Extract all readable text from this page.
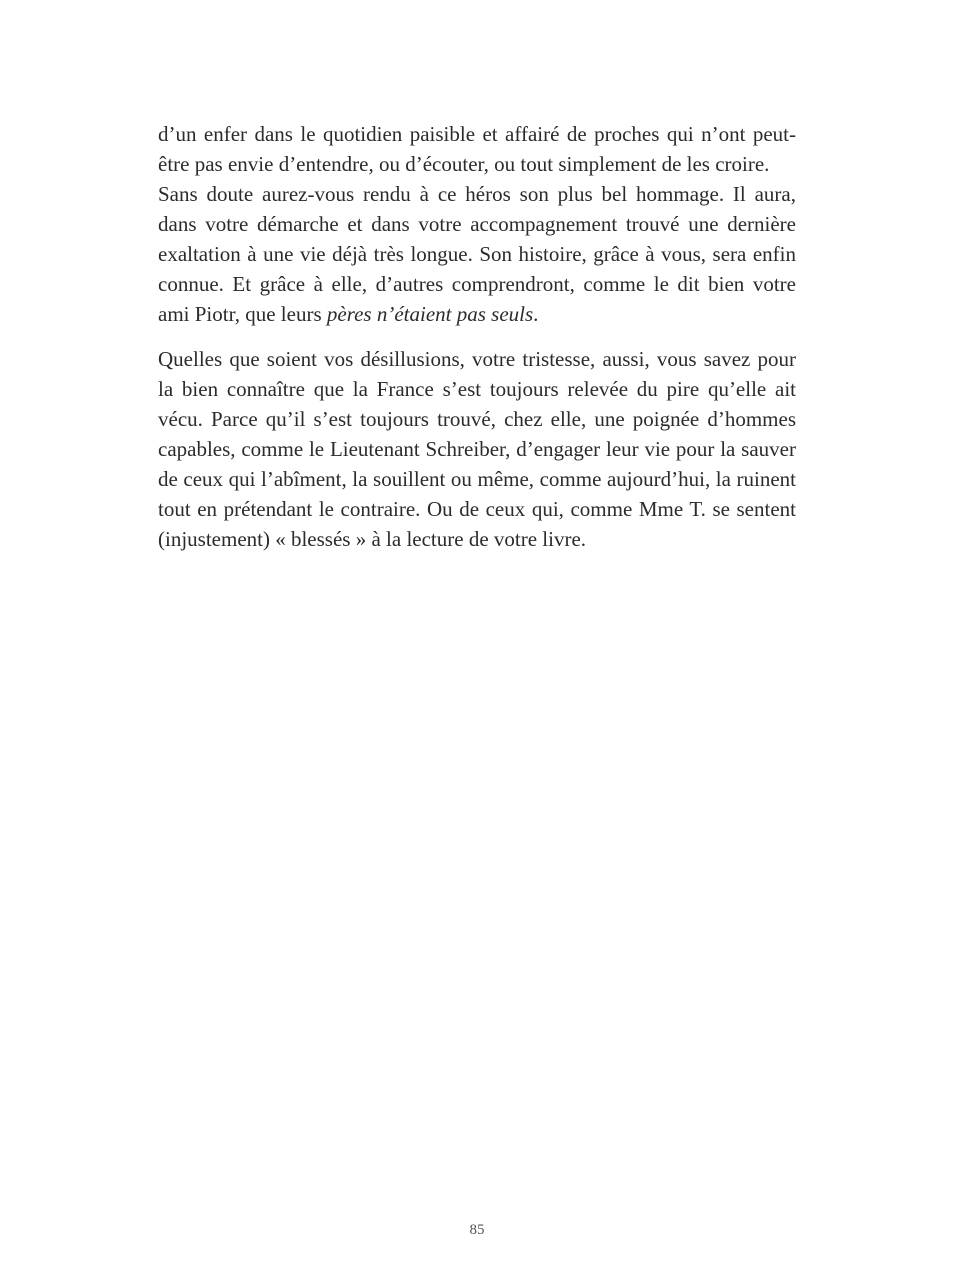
d’un enfer dans le quotidien paisible et affairé de proches qui n’ont peut-être pas envie d’entendre, ou d’écouter, ou tout simplement de les croire.

Sans doute aurez-vous rendu à ce héros son plus bel hommage. Il aura, dans votre démarche et dans votre accompagnement trouvé une dernière exaltation à une vie déjà très longue. Son histoire, grâce à vous, sera enfin connue. Et grâce à elle, d’autres comprendront, comme le dit bien votre ami Piotr, que leurs pères n’étaient pas seuls.

Quelles que soient vos désillusions, votre tristesse, aussi, vous savez pour la bien connaître que la France s’est toujours relevée du pire qu’elle ait vécu. Parce qu’il s’est toujours trouvé, chez elle, une poignée d’hommes capables, comme le Lieutenant Schreiber, d’engager leur vie pour la sauver de ceux qui l’abîment, la souillent ou même, comme aujourd’hui, la ruinent tout en prétendant le contraire. Ou de ceux qui, comme Mme T. se sentent (injustement) « blessés » à la lecture de votre livre.

85
